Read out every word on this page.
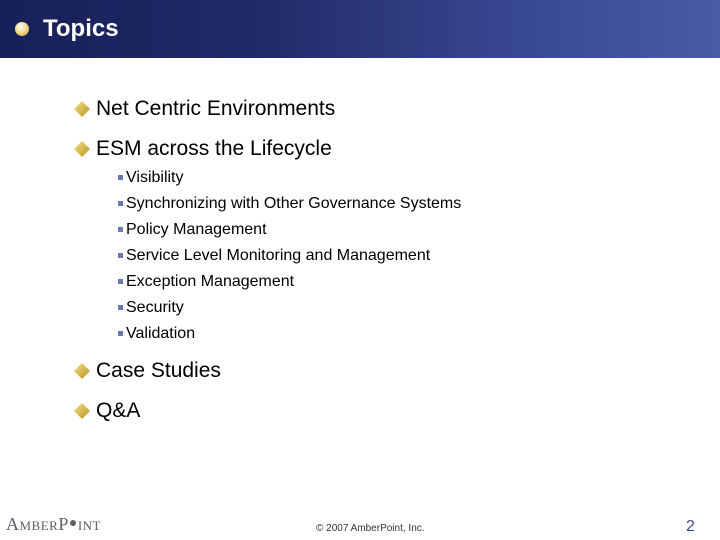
Topics
Net Centric Environments
ESM across the Lifecycle
Visibility
Synchronizing with Other Governance Systems
Policy Management
Service Level Monitoring and Management
Exception Management
Security
Validation
Case Studies
Q&A
AMBERP●INT	© 2007 AmberPoint, Inc.	2
